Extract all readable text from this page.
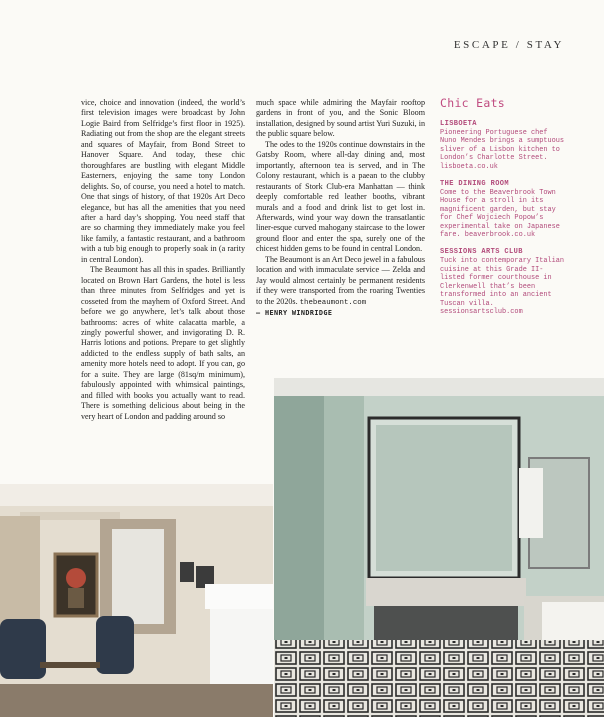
ESCAPE / STAY

vice, choice and innovation (indeed, the world’s first television images were broadcast by John Logie Baird from Selfridge’s first floor in 1925). Radiating out from the shop are the elegant streets and squares of Mayfair, from Bond Street to Hanover Square. And today, these chic thoroughfares are bustling with elegant Middle Easterners, enjoying the same tony London delights. So, of course, you need a hotel to match. One that sings of history, of that 1920s Art Deco elegance, but has all the amenities that you need after a hard day’s shopping. You need staff that are so charming they immediately make you feel like family, a fantastic restaurant, and a bathroom with a tub big enough to properly soak in (a rarity in central London).

The Beaumont has all this in spades. Brilliantly located on Brown Hart Gardens, the hotel is less than three minutes from Selfridges and yet is cosseted from the mayhem of Oxford Street. And before we go anywhere, let’s talk about those bathrooms: acres of white calacatta marble, a zingly powerful shower, and invigorating D. R. Harris lotions and potions. Prepare to get slightly addicted to the endless supply of bath salts, an amenity more hotels need to adopt. If you can, go for a suite. They are large (81sq/m minimum), fabulously appointed with whimsical paintings, and filled with books you actually want to read. There is something delicious about being in the very heart of London and padding around so

much space while admiring the Mayfair rooftop gardens in front of you, and the Sonic Bloom installation, designed by sound artist Yuri Suzuki, in the public square below.

The odes to the 1920s continue downstairs in the Gatsby Room, where all-day dining and, most importantly, afternoon tea is served, and in The Colony restaurant, which is a paean to the clubby restaurants of Stork Club-era Manhattan — think deeply comfortable red leather booths, vibrant murals and a food and drink list to get lost in. Afterwards, wind your way down the transatlantic liner-esque curved mahogany staircase to the lower ground floor and enter the spa, surely one of the chicest hidden gems to be found in central London.

The Beaumont is an Art Deco jewel in a fabulous location and with immaculate service — Zelda and Jay would almost certainly be permanent residents if they were transported from the roaring Twenties to the 2020s. thebeaumont.com

— HENRY WINDRIDGE
Chic Eats
LISBOETA
Pioneering Portuguese chef Nuno Mendes brings a sumptuous sliver of a Lisbon kitchen to London’s Charlotte Street. lisboeta.co.uk
THE DINING ROOM
Come to the Beaverbrook Town House for a stroll in its magnificent garden, but stay for Chef Wojciech Popow’s experimental take on Japanese fare. beaverbrook.co.uk
SESSIONS ARTS CLUB
Tuck into contemporary Italian cuisine at this Grade II-listed former courthouse in Clerkenwell that’s been transformed into an ancient Tuscan villa. sessionsartsclub.com
